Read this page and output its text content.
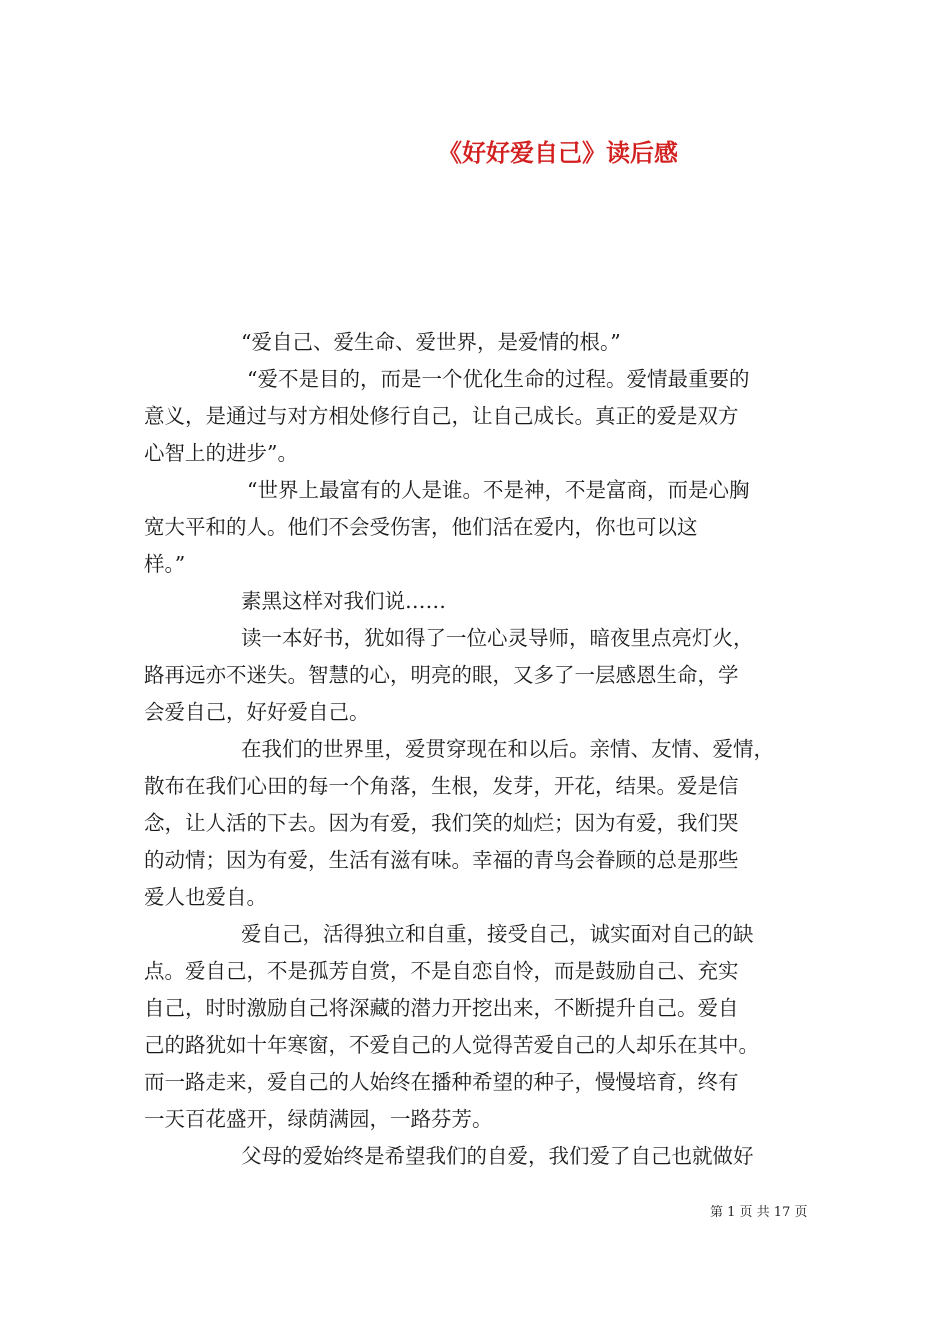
《好好爱自己》读后感
“爱自己、爱生命、爱世界，是爱情的根。”
“爱不是目的，而是一个优化生命的过程。爱情最重要的
意义，是通过与对方相处修行自己，让自己成长。真正的爱是双方
心智上的进步”。
“世界上最富有的人是谁。不是神，不是富商，而是心胸
宽大平和的人。他们不会受伤害，他们活在爱内，你也可以这
样。”
素黑这样对我们说……
读一本好书，犹如得了一位心灵导师，暗夜里点亮灯火，
路再远亦不迷失。智慧的心，明亮的眼，又多了一层感恩生命，学
会爱自己，好好爱自己。
在我们的世界里，爱贯穿现在和以后。亲情、友情、爱情，
散布在我们心田的每一个角落，生根，发芽，开花，结果。爱是信
念，让人活的下去。因为有爱，我们笑的灿烂；因为有爱，我们哭
的动情；因为有爱，生活有滋有味。幸福的青鸟会眷顾的总是那些
爱人也爱自。
爱自己，活得独立和自重，接受自己，诚实面对自己的缺
点。爱自己，不是孤芳自赏，不是自恋自怜，而是鼓励自己、充实
自己，时时激励自己将深藏的潜力开挖出来，不断提升自己。爱自
己的路犹如十年寒窗，不爱自己的人觉得苦爱自己的人却乐在其中。
而一路走来，爱自己的人始终在播种希望的种子，慢慢培育，终有
一天百花盛开，绿荫满园，一路芬芳。
父母的爱始终是希望我们的自爱，我们爱了自己也就做好
第 1 页 共 17 页
